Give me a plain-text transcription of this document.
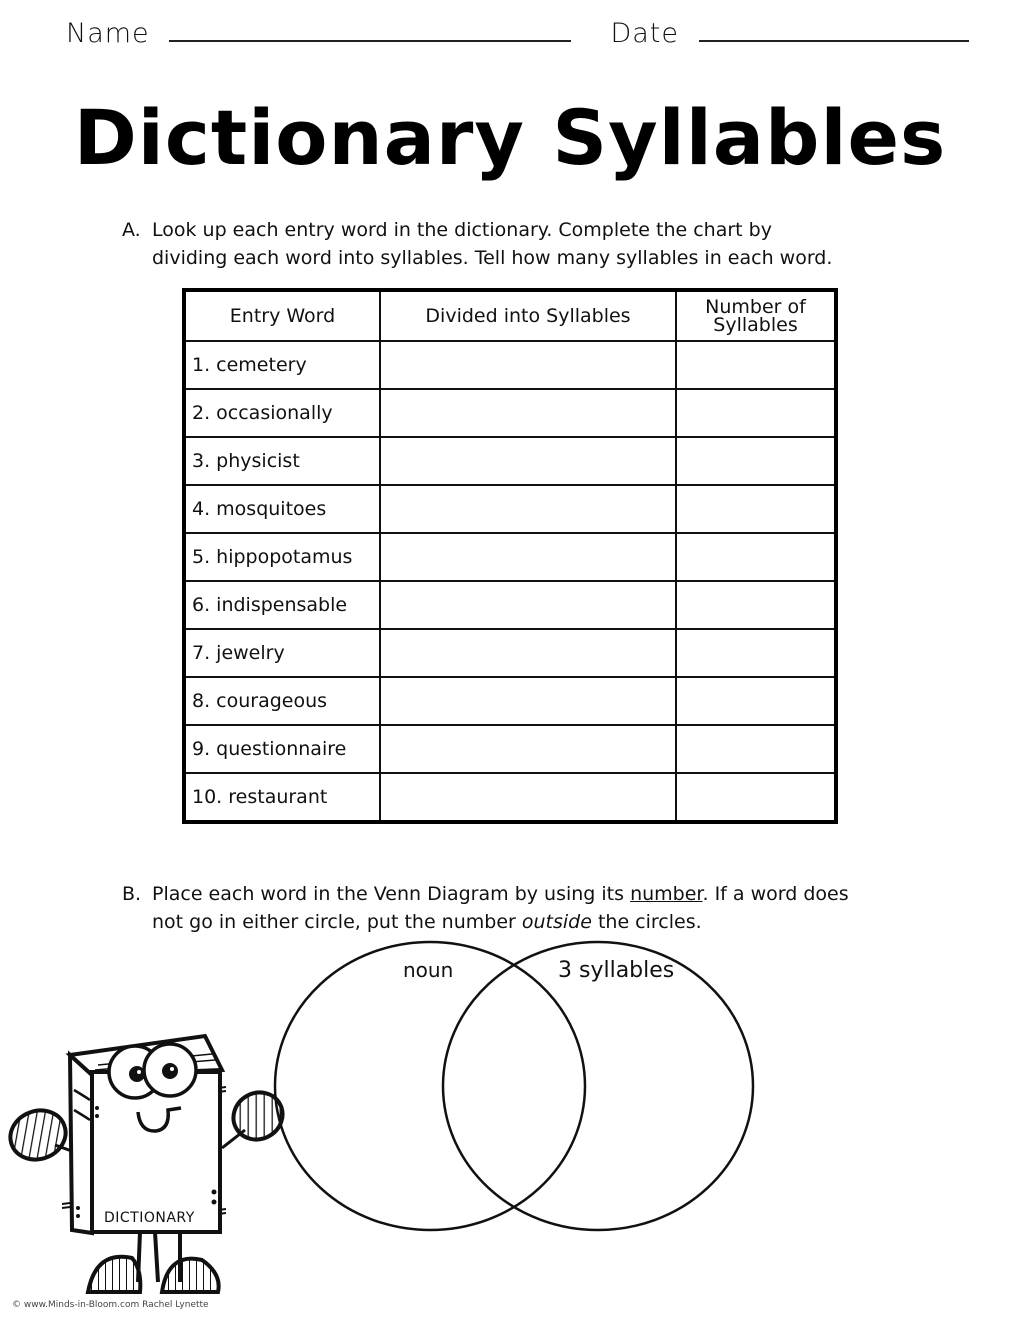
Name	Date
Dictionary Syllables
A. Look up each entry word in the dictionary. Complete the chart by
dividing each word into syllables. Tell how many syllables in each word.
Entry Word	Divided into Syllables	Number of
Syllables

1. cemetery		
2. occasionally		
3. physicist		
4. mosquitoes		
5. hippopotamus		
6. indispensable		
7. jewelry		
8. courageous		
9. questionnaire		
10. restaurant		
B. Place each word in the Venn Diagram by using its number. If a word does
not go in either circle, put the number outside the circles.
noun	3 syllables
DICTIONARY
© www.Minds-in-Bloom.com Rachel Lynette
